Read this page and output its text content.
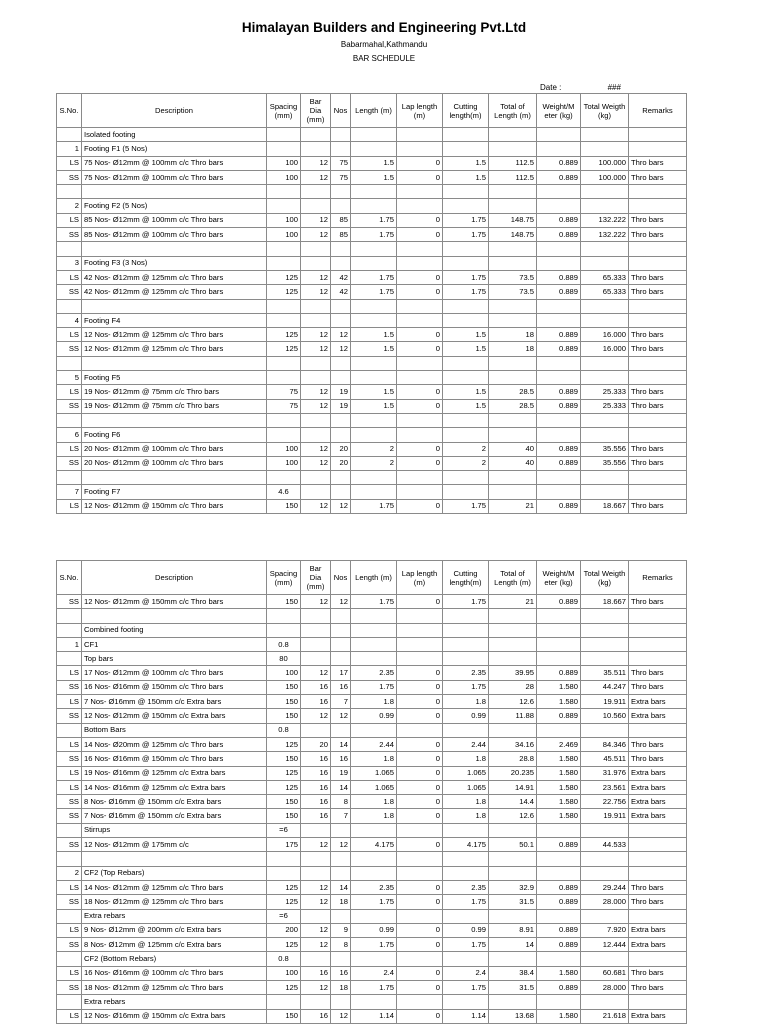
Himalayan Builders and Engineering Pvt.Ltd
Babarmahal,Kathmandu
BAR SCHEDULE
Date :	###
S.No.	Description	Spacing (mm)	Bar Dia (mm)	Nos	Length (m)	Lap length (m)	Cutting length(m)	Total of Length (m)	Weight/M eter (kg)	Total Weigth (kg)	Remarks
	Isolated footing										
1	Footing F1 (5 Nos)										
LS	75 Nos- Ø12mm @ 100mm c/c Thro bars	100	12	75	1.5	0	1.5	112.5	0.889	100.000	Thro bars
SS	75 Nos- Ø12mm @ 100mm c/c Thro bars	100	12	75	1.5	0	1.5	112.5	0.889	100.000	Thro bars

2	Footing F2 (5 Nos)										
LS	85 Nos- Ø12mm @ 100mm c/c Thro bars	100	12	85	1.75	0	1.75	148.75	0.889	132.222	Thro bars
SS	85 Nos- Ø12mm @ 100mm c/c Thro bars	100	12	85	1.75	0	1.75	148.75	0.889	132.222	Thro bars

3	Footing F3 (3 Nos)										
LS	42 Nos- Ø12mm @ 125mm c/c Thro bars	125	12	42	1.75	0	1.75	73.5	0.889	65.333	Thro bars
SS	42 Nos- Ø12mm @ 125mm c/c Thro bars	125	12	42	1.75	0	1.75	73.5	0.889	65.333	Thro bars

4	Footing F4										
LS	12 Nos- Ø12mm @ 125mm c/c Thro bars	125	12	12	1.5	0	1.5	18	0.889	16.000	Thro bars
SS	12 Nos- Ø12mm @ 125mm c/c Thro bars	125	12	12	1.5	0	1.5	18	0.889	16.000	Thro bars

5	Footing F5										
LS	19 Nos- Ø12mm @ 75mm c/c Thro bars	75	12	19	1.5	0	1.5	28.5	0.889	25.333	Thro bars
SS	19 Nos- Ø12mm @ 75mm c/c Thro bars	75	12	19	1.5	0	1.5	28.5	0.889	25.333	Thro bars

6	Footing F6										
LS	20 Nos- Ø12mm @ 100mm c/c Thro bars	100	12	20	2	0	2	40	0.889	35.556	Thro bars
SS	20 Nos- Ø12mm @ 100mm c/c Thro bars	100	12	20	2	0	2	40	0.889	35.556	Thro bars

7	Footing F7	4.6									
LS	12 Nos- Ø12mm @ 150mm c/c Thro bars	150	12	12	1.75	0	1.75	21	0.889	18.667	Thro bars
S.No.	Description	Spacing (mm)	Bar Dia (mm)	Nos	Length (m)	Lap length (m)	Cutting length(m)	Total of Length (m)	Weight/M eter (kg)	Total Weigth (kg)	Remarks
SS	12 Nos- Ø12mm @ 150mm c/c Thro bars	150	12	12	1.75	0	1.75	21	0.889	18.667	Thro bars

	Combined footing										
1	CF1	0.8									
	Top bars	80									
LS	17 Nos- Ø12mm @ 100mm c/c Thro bars	100	12	17	2.35	0	2.35	39.95	0.889	35.511	Thro bars
SS	16 Nos- Ø16mm @ 150mm c/c Thro bars	150	16	16	1.75	0	1.75	28	1.580	44.247	Thro bars
LS	7 Nos- Ø16mm @ 150mm c/c Extra bars	150	16	7	1.8	0	1.8	12.6	1.580	19.911	Extra bars
SS	12 Nos- Ø12mm @ 150mm c/c Extra bars	150	12	12	0.99	0	0.99	11.88	0.889	10.560	Extra bars
	Bottom Bars	0.8									
LS	14 Nos- Ø20mm @ 125mm c/c Thro bars	125	20	14	2.44	0	2.44	34.16	2.469	84.346	Thro bars
SS	16 Nos- Ø16mm @ 150mm c/c Thro bars	150	16	16	1.8	0	1.8	28.8	1.580	45.511	Thro bars
LS	19 Nos- Ø16mm @ 125mm c/c Extra bars	125	16	19	1.065	0	1.065	20.235	1.580	31.976	Extra bars
LS	14 Nos- Ø16mm @ 125mm c/c Extra bars	125	16	14	1.065	0	1.065	14.91	1.580	23.561	Extra bars
SS	8 Nos- Ø16mm @ 150mm c/c Extra bars	150	16	8	1.8	0	1.8	14.4	1.580	22.756	Extra bars
SS	7 Nos- Ø16mm @ 150mm c/c Extra bars	150	16	7	1.8	0	1.8	12.6	1.580	19.911	Extra bars
	Stirrups	=6									
SS	12 Nos- Ø12mm @ 175mm c/c	175	12	12	4.175	0	4.175	50.1	0.889	44.533	

2	CF2 (Top Rebars)										
LS	14 Nos- Ø12mm @ 125mm c/c Thro bars	125	12	14	2.35	0	2.35	32.9	0.889	29.244	Thro bars
SS	18 Nos- Ø12mm @ 125mm c/c Thro bars	125	12	18	1.75	0	1.75	31.5	0.889	28.000	Thro bars
	Extra rebars	=6									
LS	9 Nos- Ø12mm @ 200mm c/c Extra bars	200	12	9	0.99	0	0.99	8.91	0.889	7.920	Extra bars
SS	8 Nos- Ø12mm @ 125mm c/c Extra bars	125	12	8	1.75	0	1.75	14	0.889	12.444	Extra bars
	CF2 (Bottom Rebars)	0.8									
LS	16 Nos- Ø16mm @ 100mm c/c Thro bars	100	16	16	2.4	0	2.4	38.4	1.580	60.681	Thro bars
SS	18 Nos- Ø12mm @ 125mm c/c Thro bars	125	12	18	1.75	0	1.75	31.5	0.889	28.000	Thro bars
	Extra rebars										
LS	12 Nos- Ø16mm @ 150mm c/c Extra bars	150	16	12	1.14	0	1.14	13.68	1.580	21.618	Extra bars
